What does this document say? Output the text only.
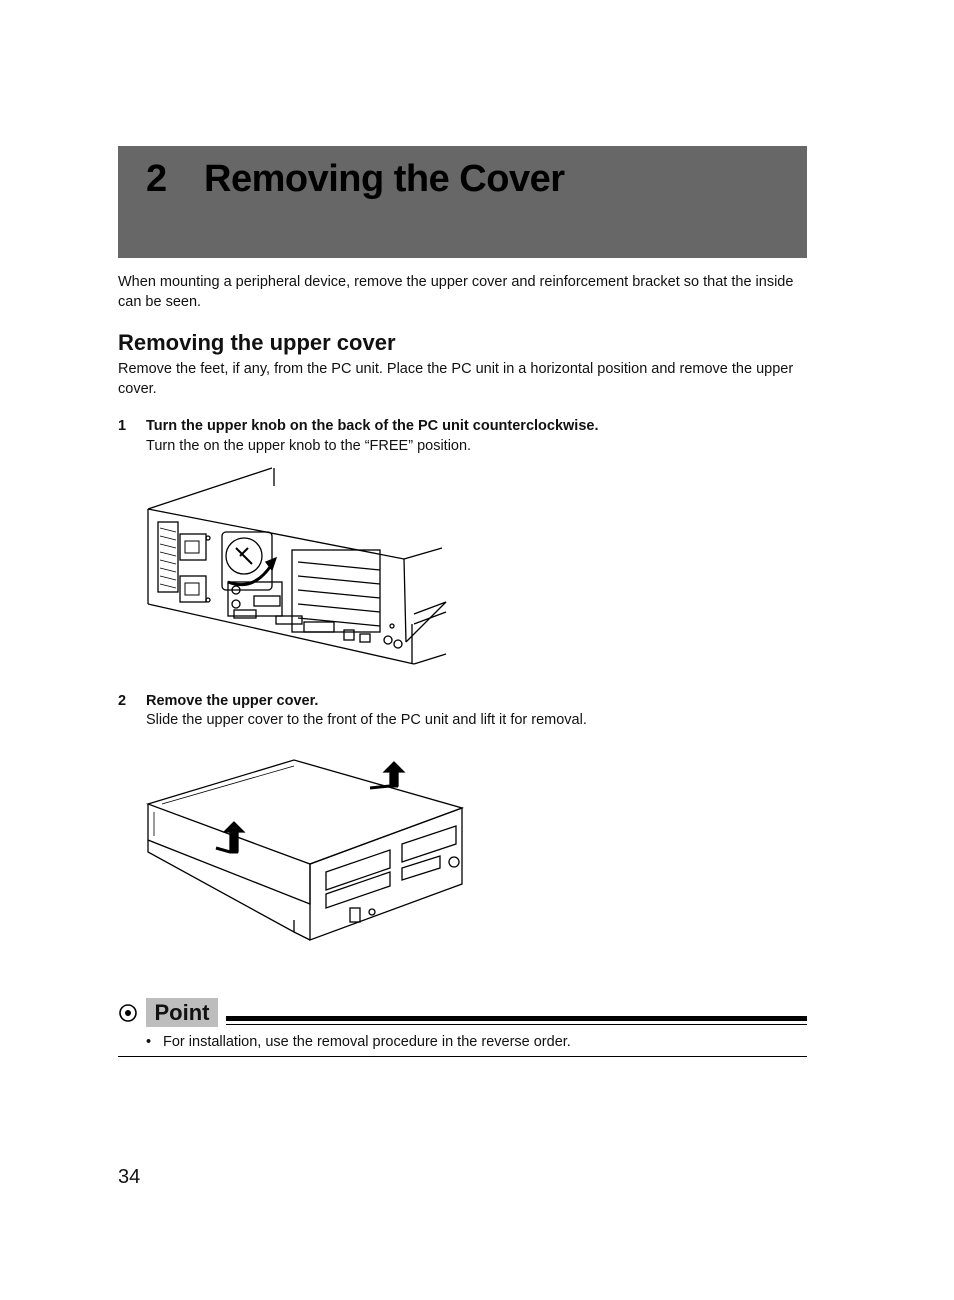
2 Removing the Cover
When mounting a peripheral device, remove the upper cover and reinforcement bracket so that the inside can be seen.
Removing the upper cover
Remove the feet, if any, from the PC unit. Place the PC unit in a horizontal position and remove the upper cover.
1 Turn the upper knob on the back of the PC unit counterclockwise.
Turn the on the upper knob to the “FREE” position.
2 Remove the upper cover.
Slide the upper cover to the front of the PC unit and lift it for removal.
Point
• For installation, use the removal procedure in the reverse order.
34
